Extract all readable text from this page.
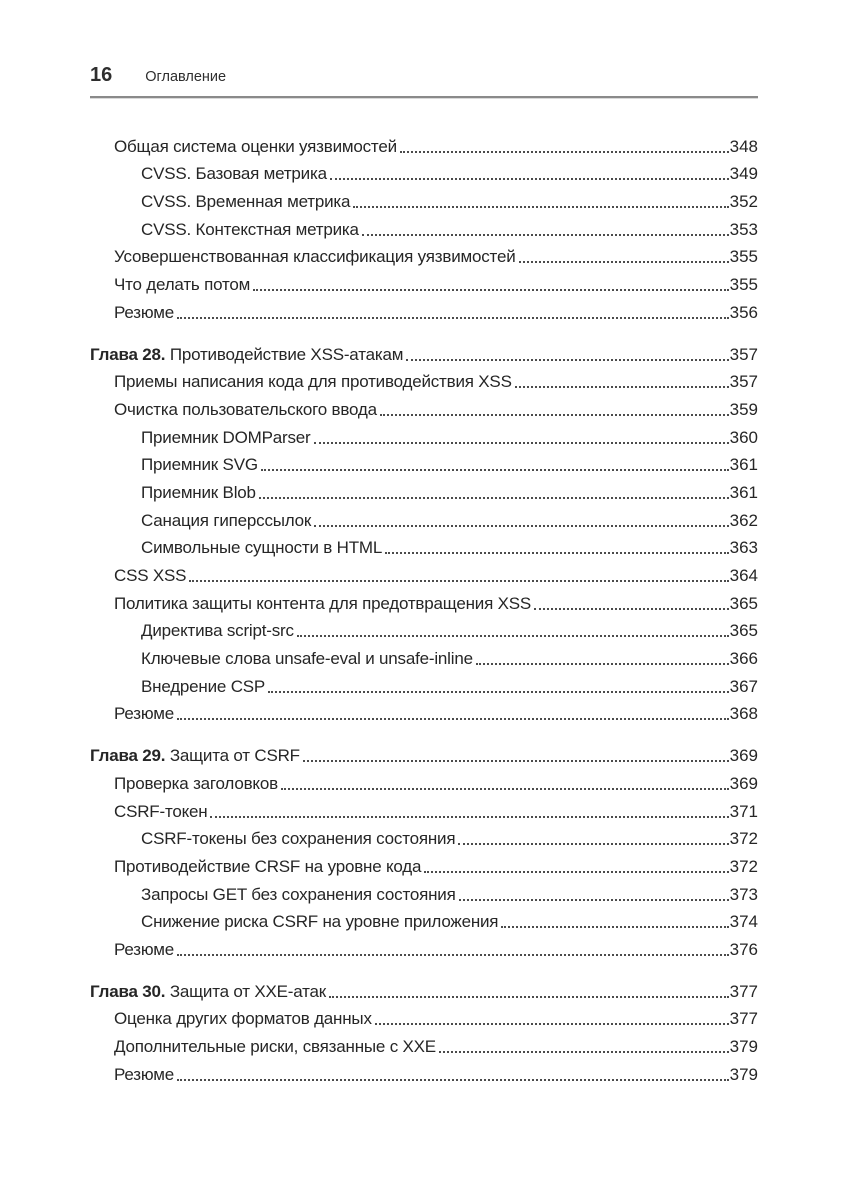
16 Оглавление
Общая система оценки уязвимостей	348
CVSS. Базовая метрика	349
CVSS. Временная метрика	352
CVSS. Контекстная метрика	353
Усовершенствованная классификация уязвимостей	355
Что делать потом	355
Резюме	356
Глава 28. Противодействие XSS-атакам	357
Приемы написания кода для противодействия XSS	357
Очистка пользовательского ввода	359
Приемник DOMParser	360
Приемник SVG	361
Приемник Blob	361
Санация гиперссылок	362
Символьные сущности в HTML	363
CSS XSS	364
Политика защиты контента для предотвращения XSS	365
Директива script-src	365
Ключевые слова unsafe-eval и unsafe-inline	366
Внедрение CSP	367
Резюме	368
Глава 29. Защита от CSRF	369
Проверка заголовков	369
CSRF-токен	371
CSRF-токены без сохранения состояния	372
Противодействие CRSF на уровне кода	372
Запросы GET без сохранения состояния	373
Снижение риска CSRF на уровне приложения	374
Резюме	376
Глава 30. Защита от XXE-атак	377
Оценка других форматов данных	377
Дополнительные риски, связанные с XXE	379
Резюме	379
